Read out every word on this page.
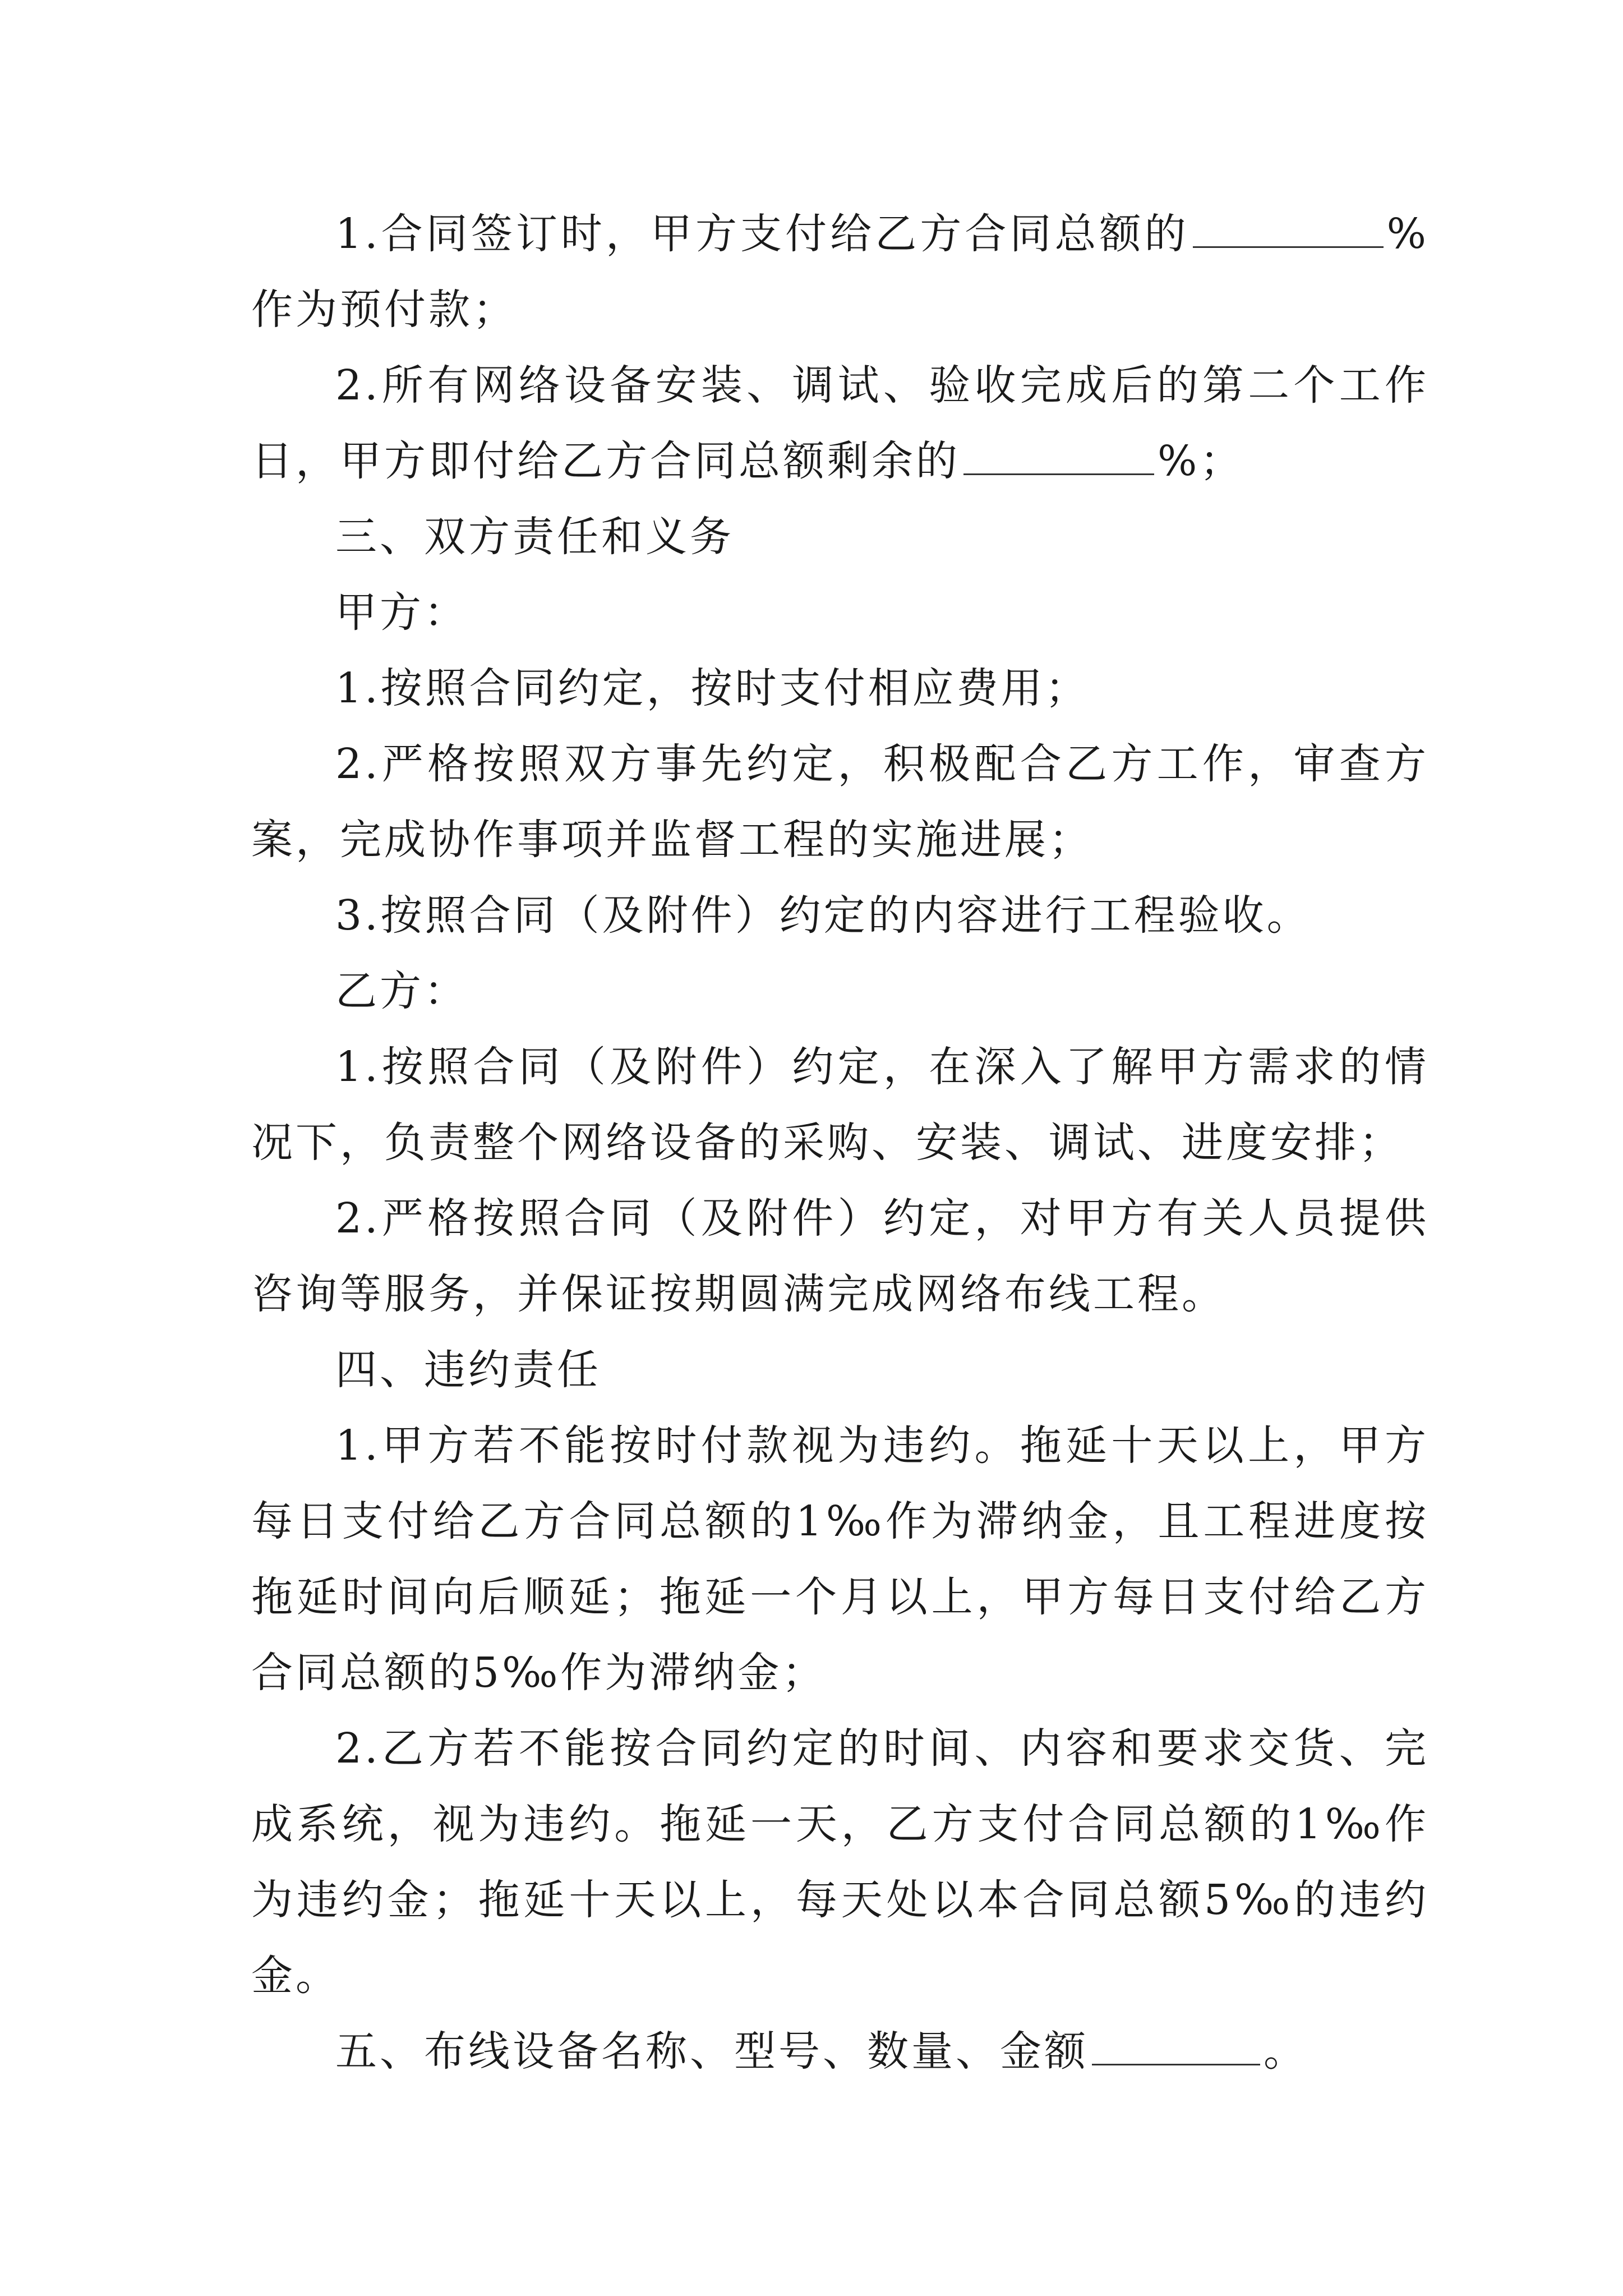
1.合同签订时，甲方支付给乙方合同总额的	%作为预付款；

2.所有网络设备安装、调试、验收完成后的第二个工作日，甲方即付给乙方合同总额剩余的	%；

三、双方责任和义务

甲方：

1.按照合同约定，按时支付相应费用；

2.严格按照双方事先约定，积极配合乙方工作，审查方案，完成协作事项并监督工程的实施进展；

3.按照合同（及附件）约定的内容进行工程验收。

乙方：

1.按照合同（及附件）约定，在深入了解甲方需求的情况下，负责整个网络设备的采购、安装、调试、进度安排；

2.严格按照合同（及附件）约定，对甲方有关人员提供咨询等服务，并保证按期圆满完成网络布线工程。

四、违约责任

1.甲方若不能按时付款视为违约。拖延十天以上，甲方每日支付给乙方合同总额的1‰作为滞纳金，且工程进度按拖延时间向后顺延；拖延一个月以上，甲方每日支付给乙方合同总额的5‰作为滞纳金；

2.乙方若不能按合同约定的时间、内容和要求交货、完成系统，视为违约。拖延一天，乙方支付合同总额的1‰作为违约金；拖延十天以上，每天处以本合同总额5‰的违约金。

五、布线设备名称、型号、数量、金额	。
